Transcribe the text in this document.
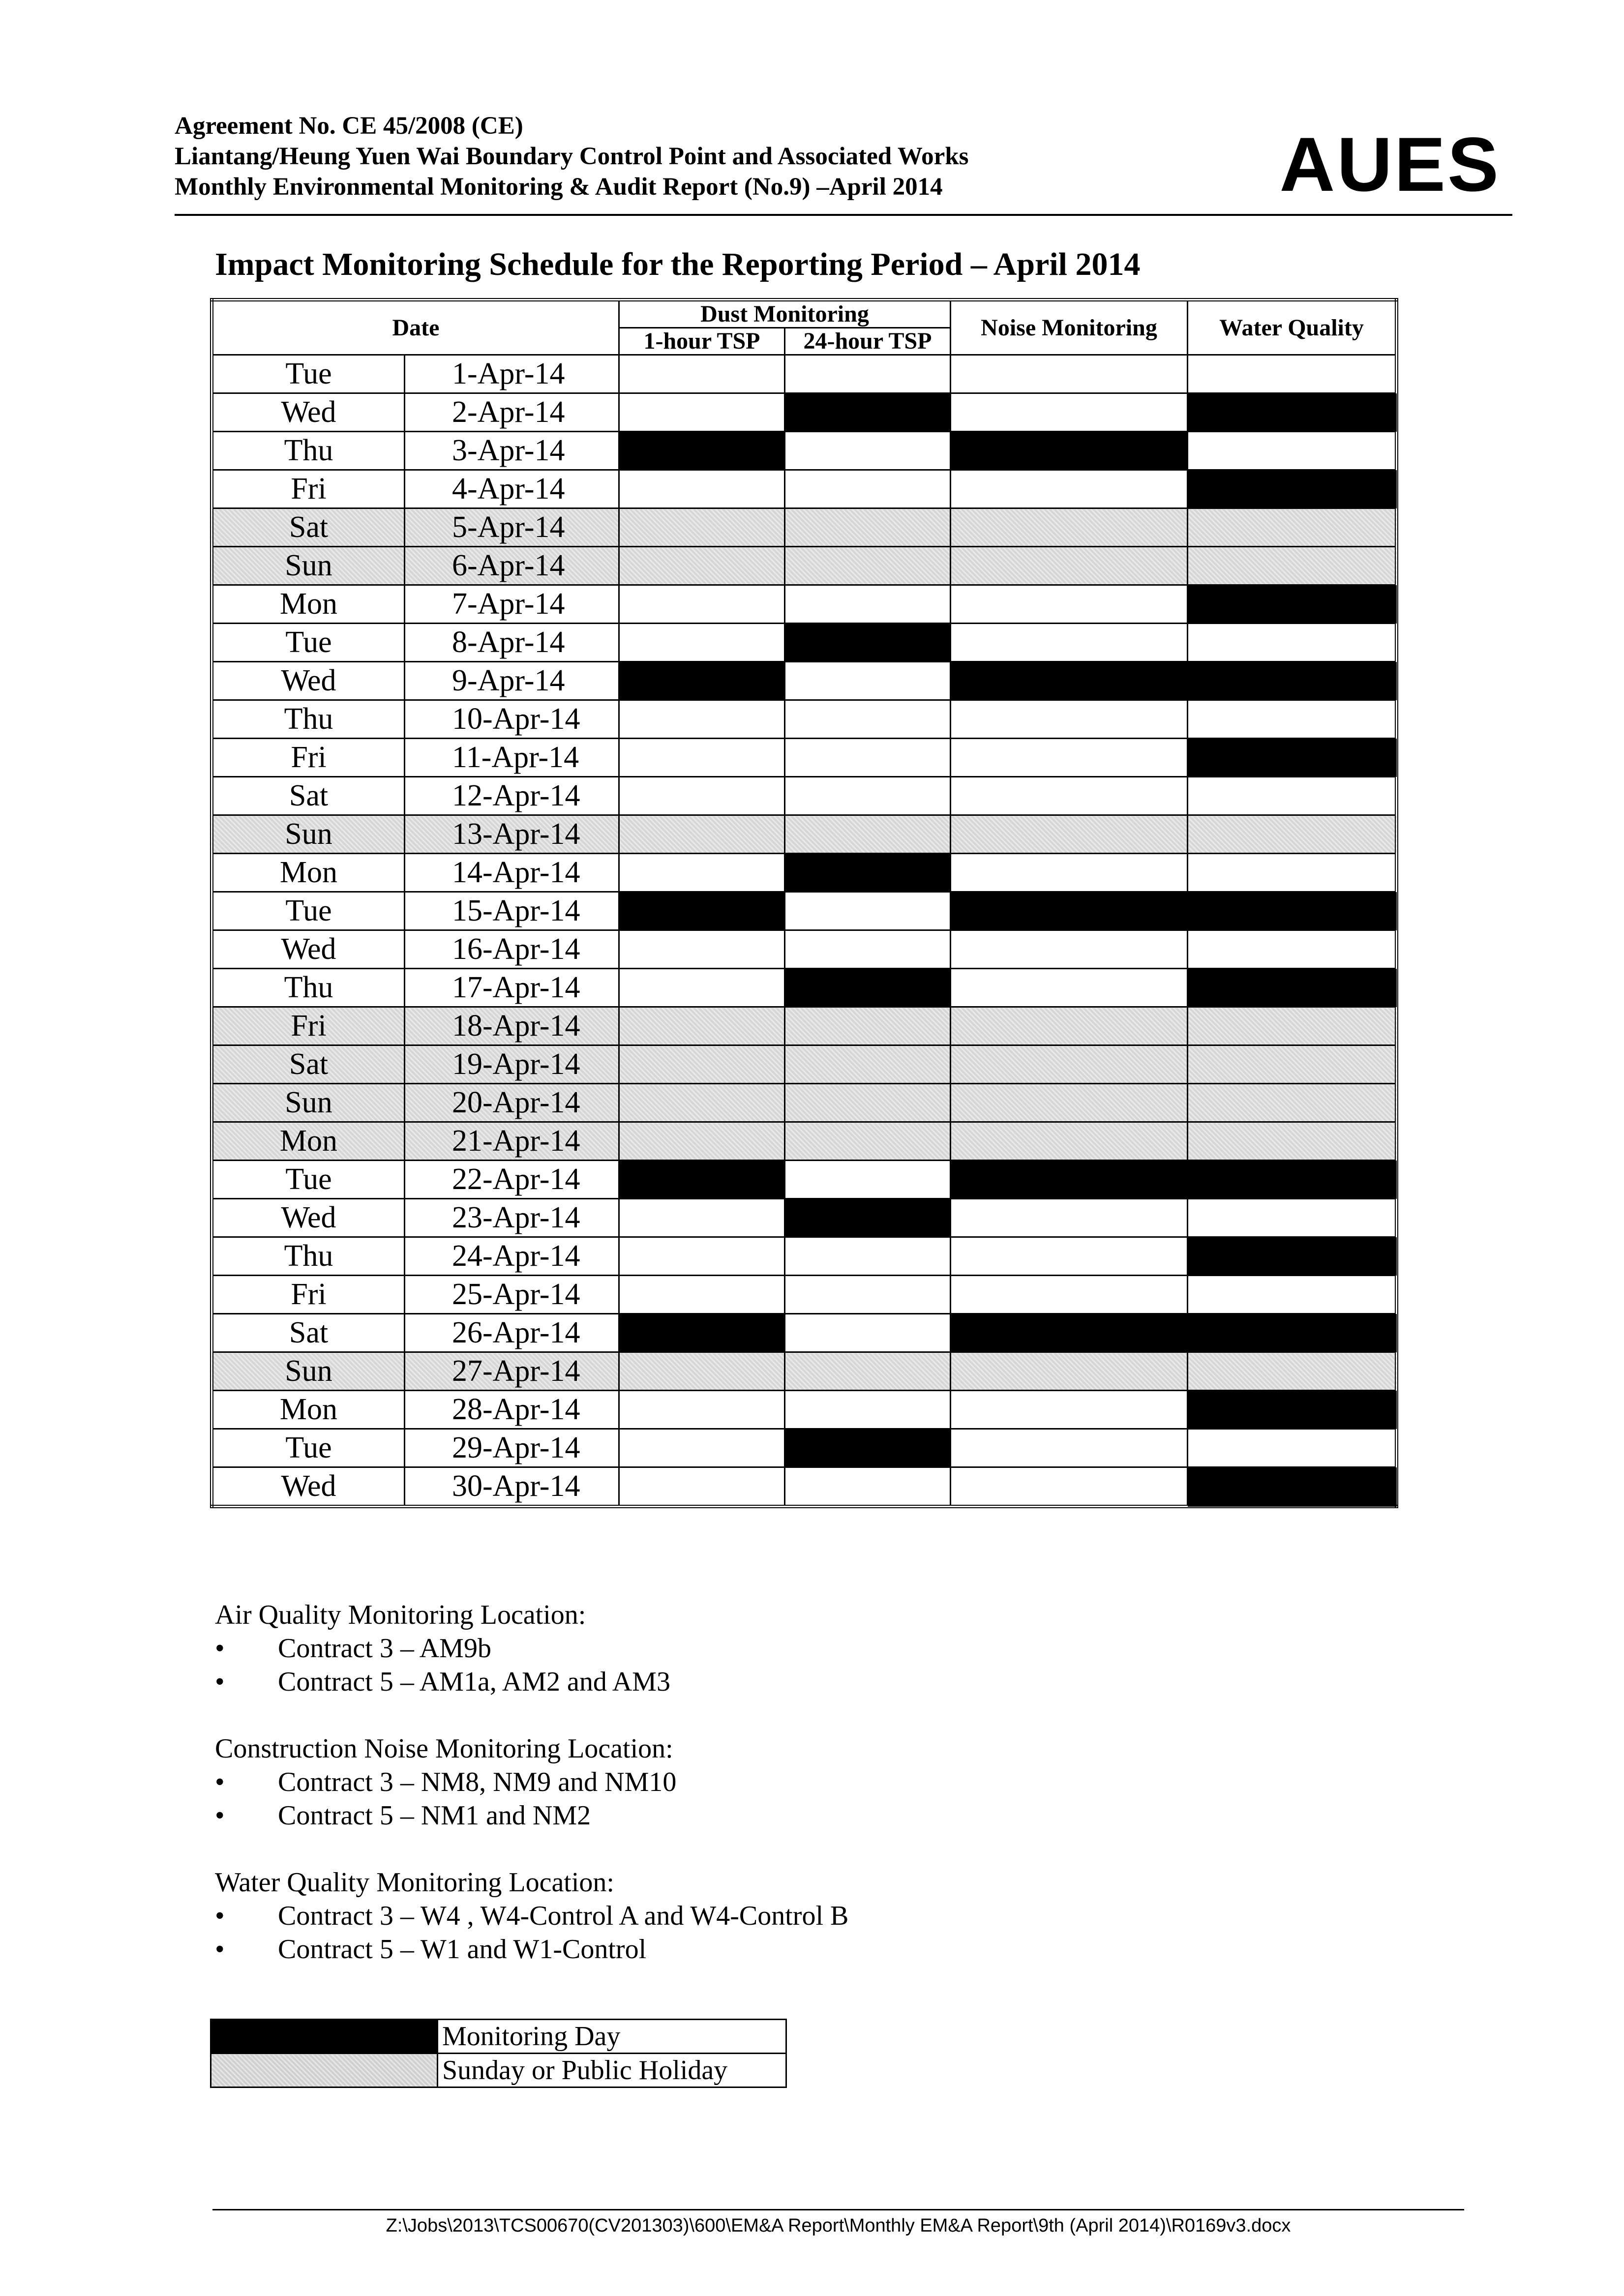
Agreement No. CE 45/2008 (CE)
Liantang/Heung Yuen Wai Boundary Control Point and Associated Works
Monthly Environmental Monitoring & Audit Report (No.9) –April 2014	AUES
Impact Monitoring Schedule for the Reporting Period – April 2014
Date		Dust Monitoring		Noise Monitoring	Water Quality
		1-hour TSP	24-hour TSP		
Tue	1-Apr-14				
Wed	2-Apr-14				
Thu	3-Apr-14				
Fri	4-Apr-14				
Sat	5-Apr-14				
Sun	6-Apr-14				
Mon	7-Apr-14				
Tue	8-Apr-14				
Wed	9-Apr-14				
Thu	10-Apr-14				
Fri	11-Apr-14				
Sat	12-Apr-14				
Sun	13-Apr-14				
Mon	14-Apr-14				
Tue	15-Apr-14				
Wed	16-Apr-14				
Thu	17-Apr-14				
Fri	18-Apr-14				
Sat	19-Apr-14				
Sun	20-Apr-14				
Mon	21-Apr-14				
Tue	22-Apr-14				
Wed	23-Apr-14				
Thu	24-Apr-14				
Fri	25-Apr-14				
Sat	26-Apr-14				
Sun	27-Apr-14				
Mon	28-Apr-14				
Tue	29-Apr-14				
Wed	30-Apr-14				
Air Quality Monitoring Location:
• Contract 3 – AM9b
• Contract 5 – AM1a, AM2 and AM3
Construction Noise Monitoring Location:
• Contract 3 – NM8, NM9 and NM10
• Contract 5 – NM1 and NM2
Water Quality Monitoring Location:
• Contract 3 – W4 , W4-Control A and W4-Control B
• Contract 5 – W1 and W1-Control
	Monitoring Day
	Sunday or Public Holiday
Z:\Jobs\2013\TCS00670(CV201303)\600\EM&A Report\Monthly EM&A Report\9th (April 2014)\R0169v3.docx
